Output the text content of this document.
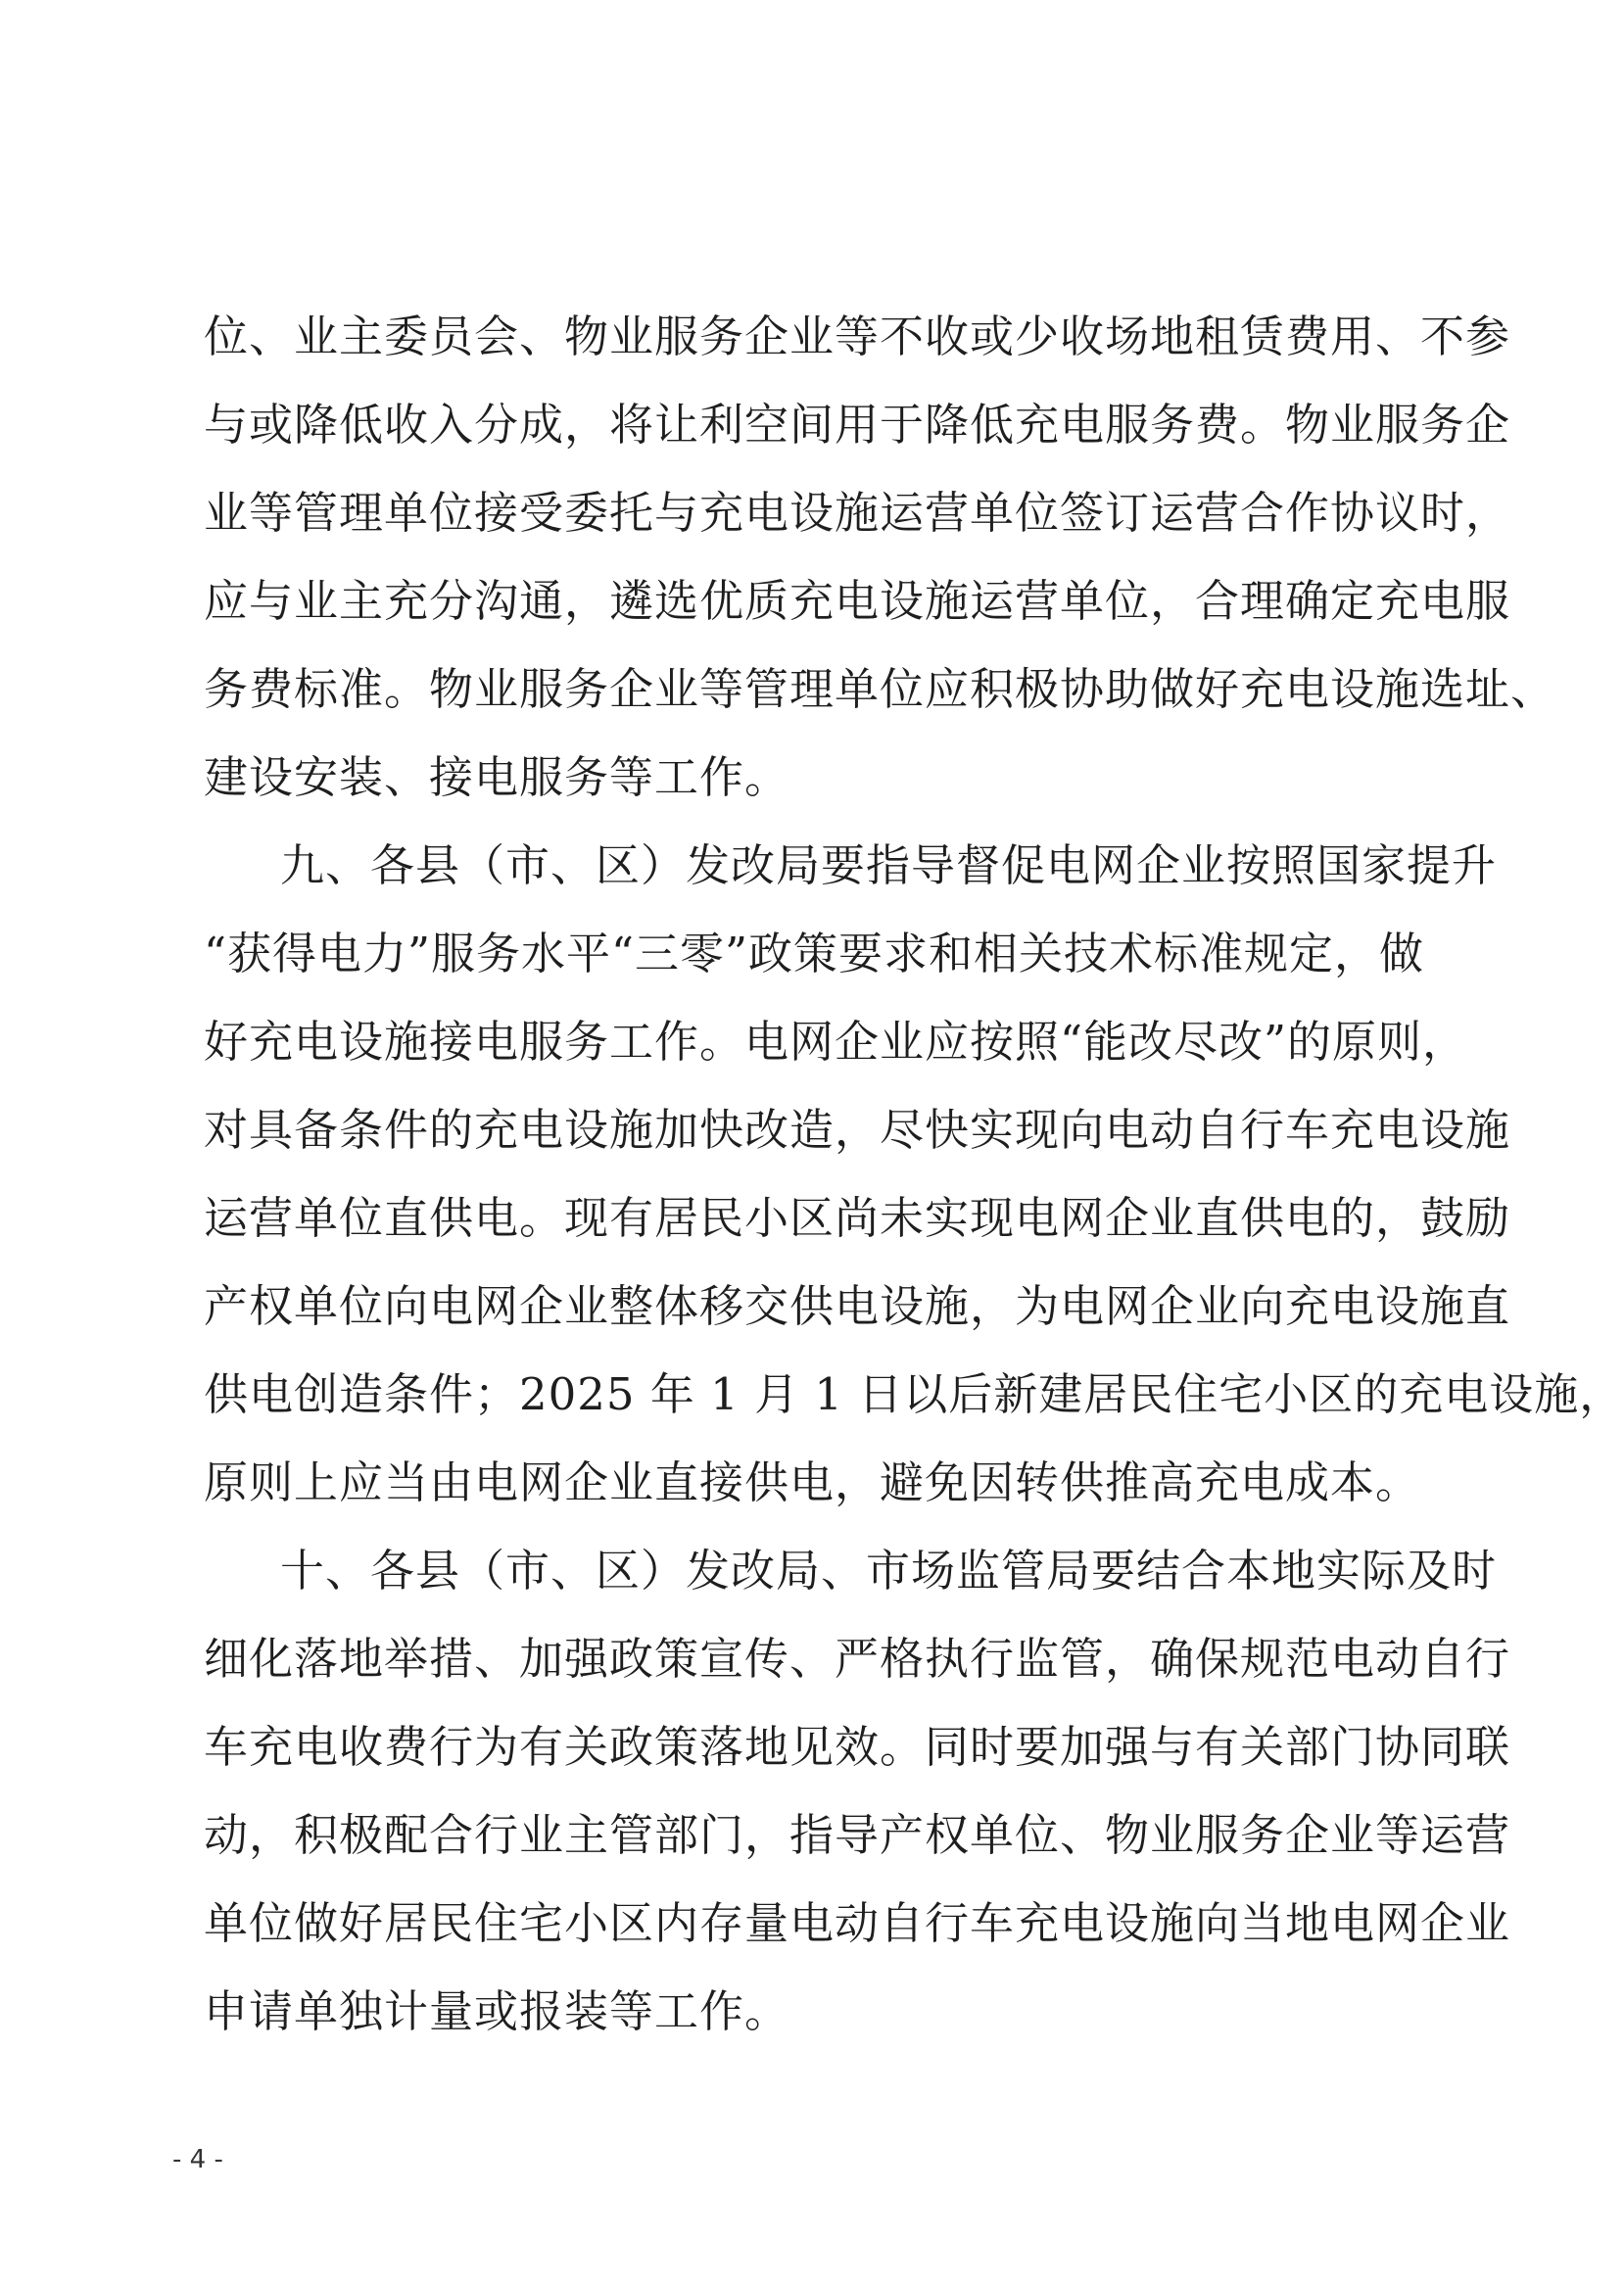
位、业主委员会、物业服务企业等不收或少收场地租赁费用、不参
与或降低收入分成，将让利空间用于降低充电服务费。物业服务企
业等管理单位接受委托与充电设施运营单位签订运营合作协议时，
应与业主充分沟通，遴选优质充电设施运营单位，合理确定充电服
务费标准。物业服务企业等管理单位应积极协助做好充电设施选址、
建设安装、接电服务等工作。
九、各县（市、区）发改局要指导督促电网企业按照国家提升
“获得电力”服务水平“三零”政策要求和相关技术标准规定，做
好充电设施接电服务工作。电网企业应按照“能改尽改”的原则，
对具备条件的充电设施加快改造，尽快实现向电动自行车充电设施
运营单位直供电。现有居民小区尚未实现电网企业直供电的，鼓励
产权单位向电网企业整体移交供电设施，为电网企业向充电设施直
供电创造条件；2025 年 1 月 1 日以后新建居民住宅小区的充电设施，
原则上应当由电网企业直接供电，避免因转供推高充电成本。
十、各县（市、区）发改局、市场监管局要结合本地实际及时
细化落地举措、加强政策宣传、严格执行监管，确保规范电动自行
车充电收费行为有关政策落地见效。同时要加强与有关部门协同联
动，积极配合行业主管部门，指导产权单位、物业服务企业等运营
单位做好居民住宅小区内存量电动自行车充电设施向当地电网企业
申请单独计量或报装等工作。
- 4 -
